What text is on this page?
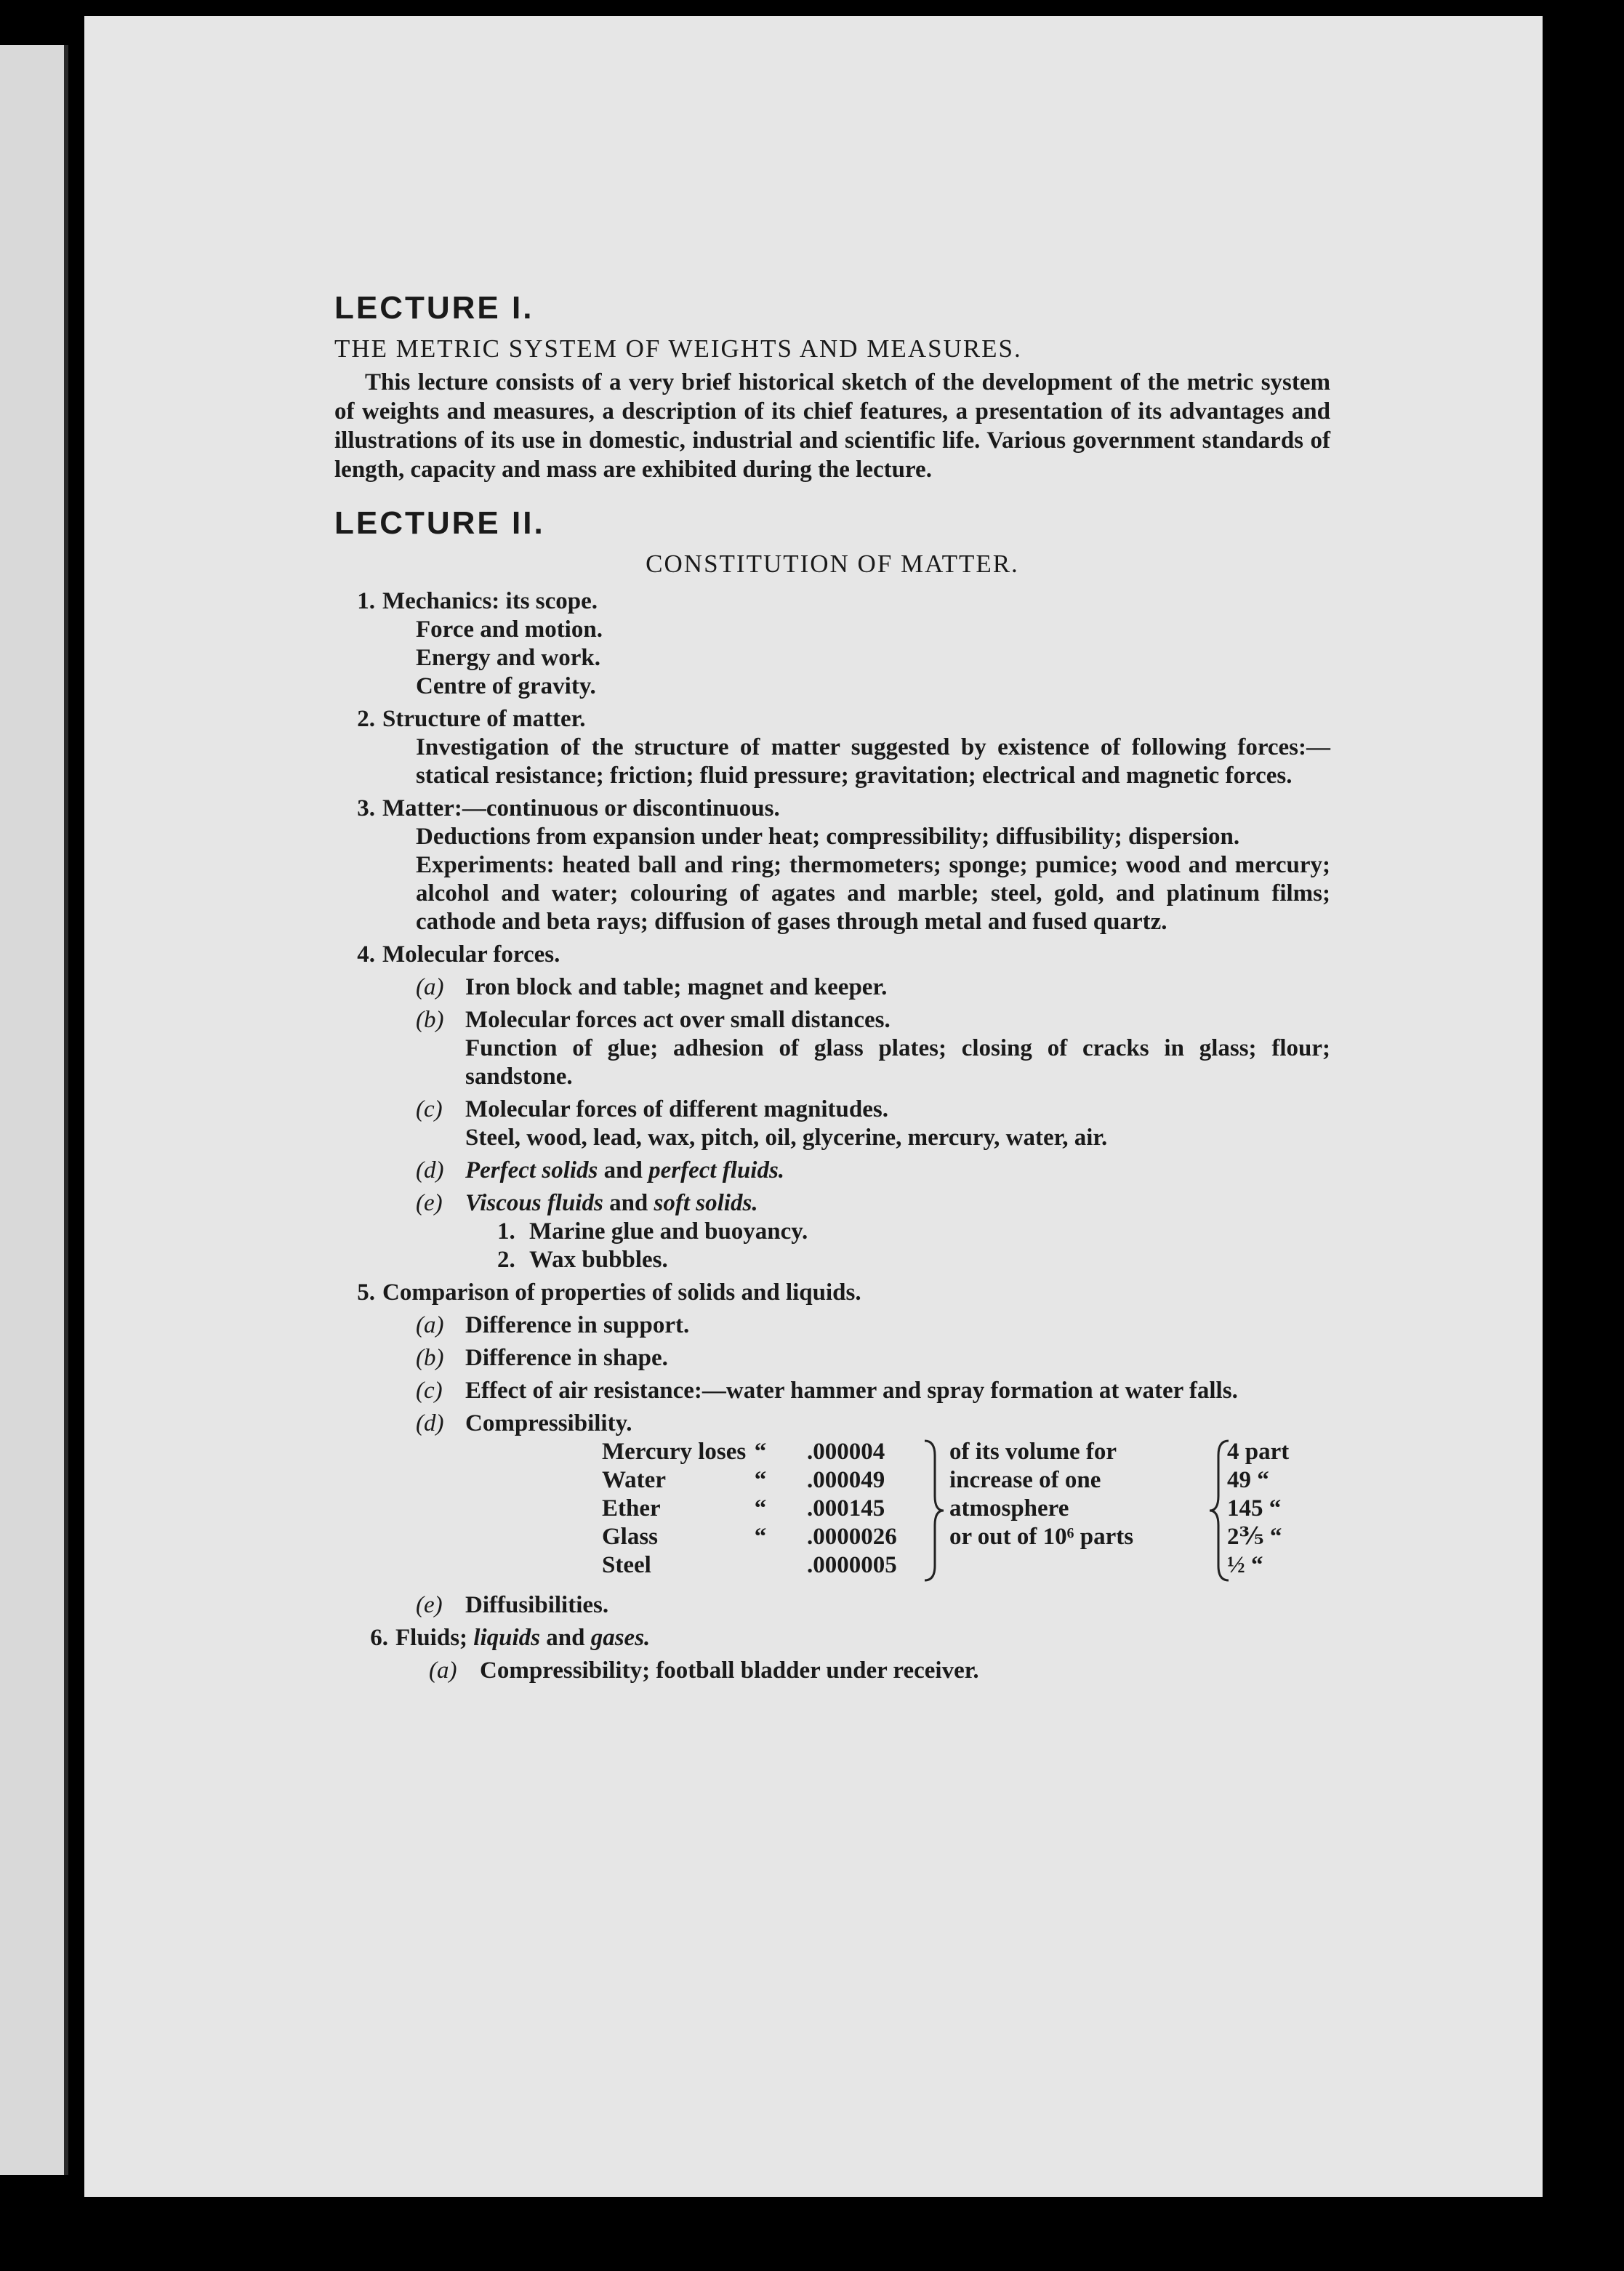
LECTURE I.
THE METRIC SYSTEM OF WEIGHTS AND MEASURES.
This lecture consists of a very brief historical sketch of the development of the metric system of weights and measures, a description of its chief features, a presentation of its advantages and illustrations of its use in domestic, industrial and scientific life. Various government standards of length, capacity and mass are exhibited during the lecture.
LECTURE II.
CONSTITUTION OF MATTER.
1. Mechanics: its scope.
Force and motion.
Energy and work.
Centre of gravity.
2. Structure of matter.
Investigation of the structure of matter suggested by existence of following forces:—statical resistance; friction; fluid pressure; gravitation; electrical and magnetic forces.
3. Matter:—continuous or discontinuous.
Deductions from expansion under heat; compressibility; diffusibility; dispersion.
Experiments: heated ball and ring; thermometers; sponge; pumice; wood and mercury; alcohol and water; colouring of agates and marble; steel, gold, and platinum films; cathode and beta rays; diffusion of gases through metal and fused quartz.
4. Molecular forces.
(a) Iron block and table; magnet and keeper.
(b) Molecular forces act over small distances.
Function of glue; adhesion of glass plates; closing of cracks in glass; flour; sandstone.
(c) Molecular forces of different magnitudes.
Steel, wood, lead, wax, pitch, oil, glycerine, mercury, water, air.
(d) Perfect solids and perfect fluids.
(e) Viscous fluids and soft solids.
1. Marine glue and buoyancy.
2. Wax bubbles.
5. Comparison of properties of solids and liquids.
(a) Difference in support.
(b) Difference in shape.
(c) Effect of air resistance:—water hammer and spray formation at water falls.
(d) Compressibility.
Mercury loses
Water
Ether
Glass
Steel
“
“
“
“
.000004
.000049
.000145
.0000026
.0000005
of its volume for
increase of one
atmosphere
or out of 10⁶ parts
4 part
49 “
145 “
2⅗ “
½ “
(e) Diffusibilities.
6. Fluids; liquids and gases.
(a) Compressibility; football bladder under receiver.
